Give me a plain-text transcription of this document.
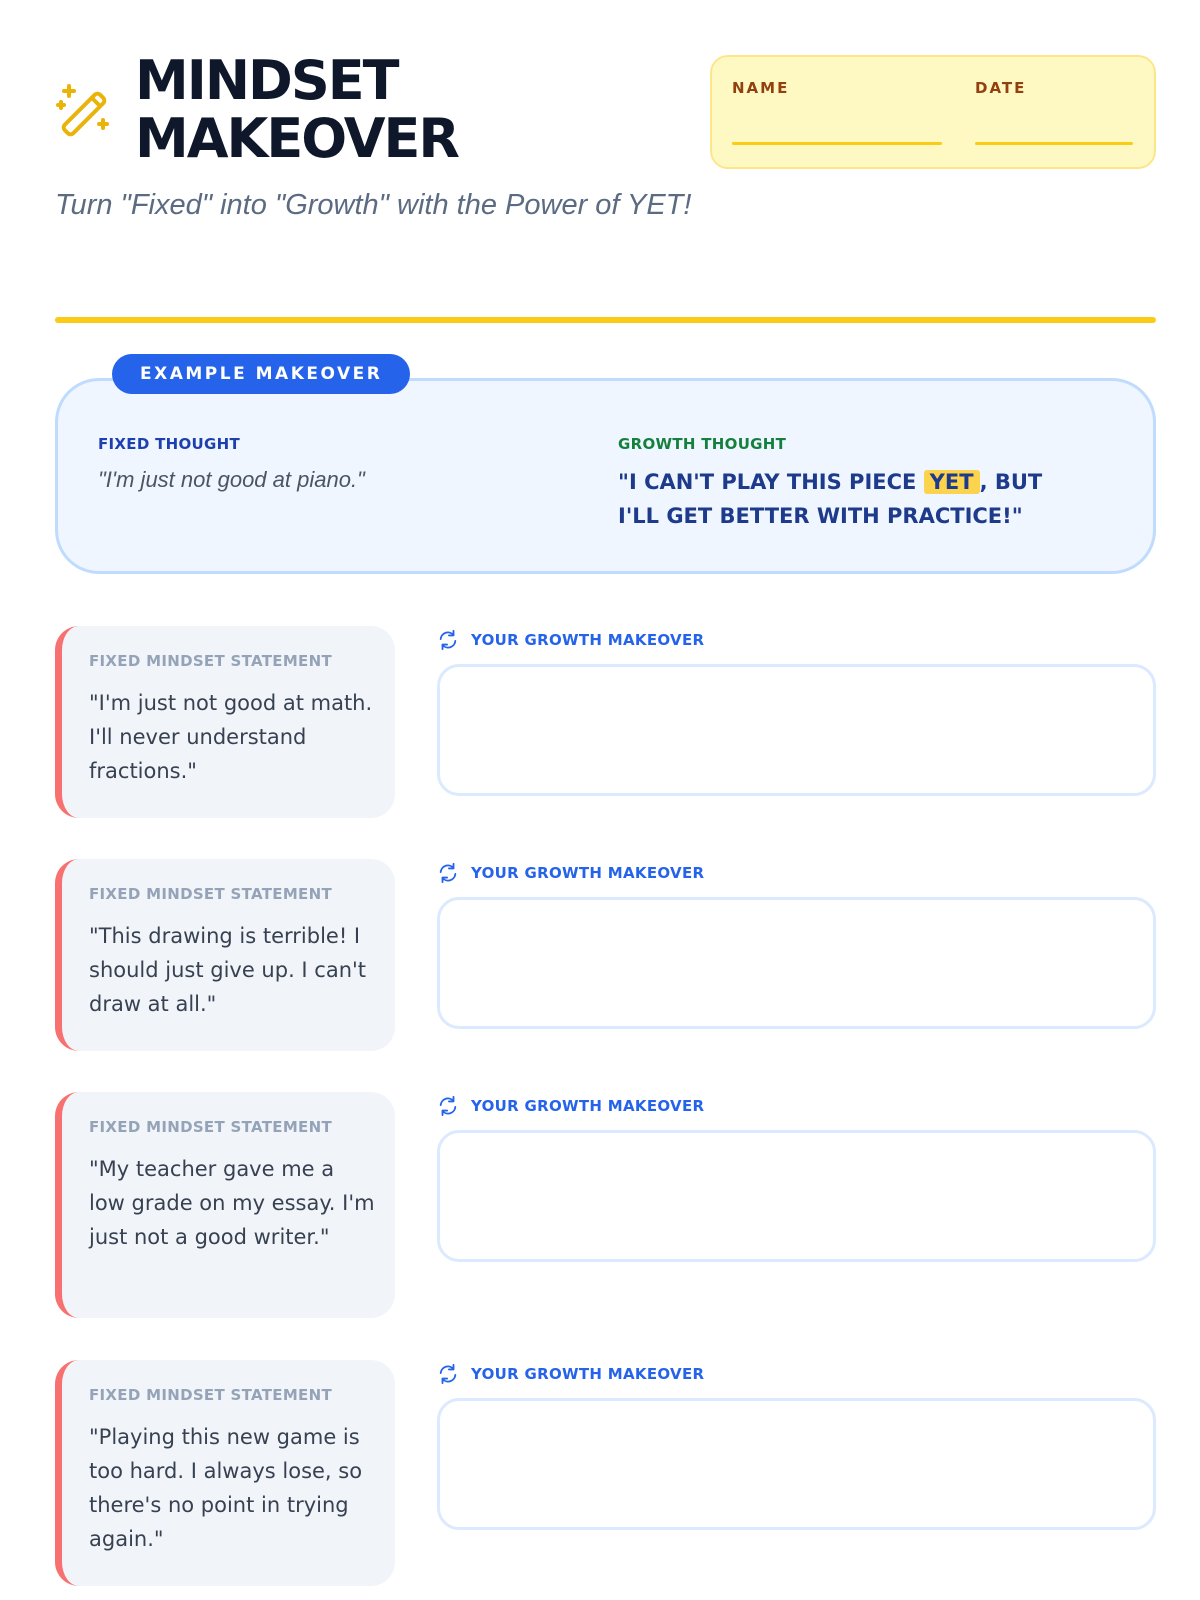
MINDSET
MAKEOVER
Turn "Fixed" into "Growth" with the Power of YET!
NAME	DATE
FIXED THOUGHT
"I'm just not good at piano."
GROWTH THOUGHT
"I CAN'T PLAY THIS PIECE YET , BUT I'LL GET BETTER WITH PRACTICE!"
EXAMPLE MAKEOVER
FIXED MINDSET STATEMENT
"I'm just not good at math. I'll never understand fractions."
YOUR GROWTH MAKEOVER
FIXED MINDSET STATEMENT
"This drawing is terrible! I should just give up. I can't draw at all."
YOUR GROWTH MAKEOVER
FIXED MINDSET STATEMENT
"My teacher gave me a low grade on my essay. I'm just not a good writer."
YOUR GROWTH MAKEOVER
FIXED MINDSET STATEMENT
"Playing this new game is too hard. I always lose, so there's no point in trying again."
YOUR GROWTH MAKEOVER
